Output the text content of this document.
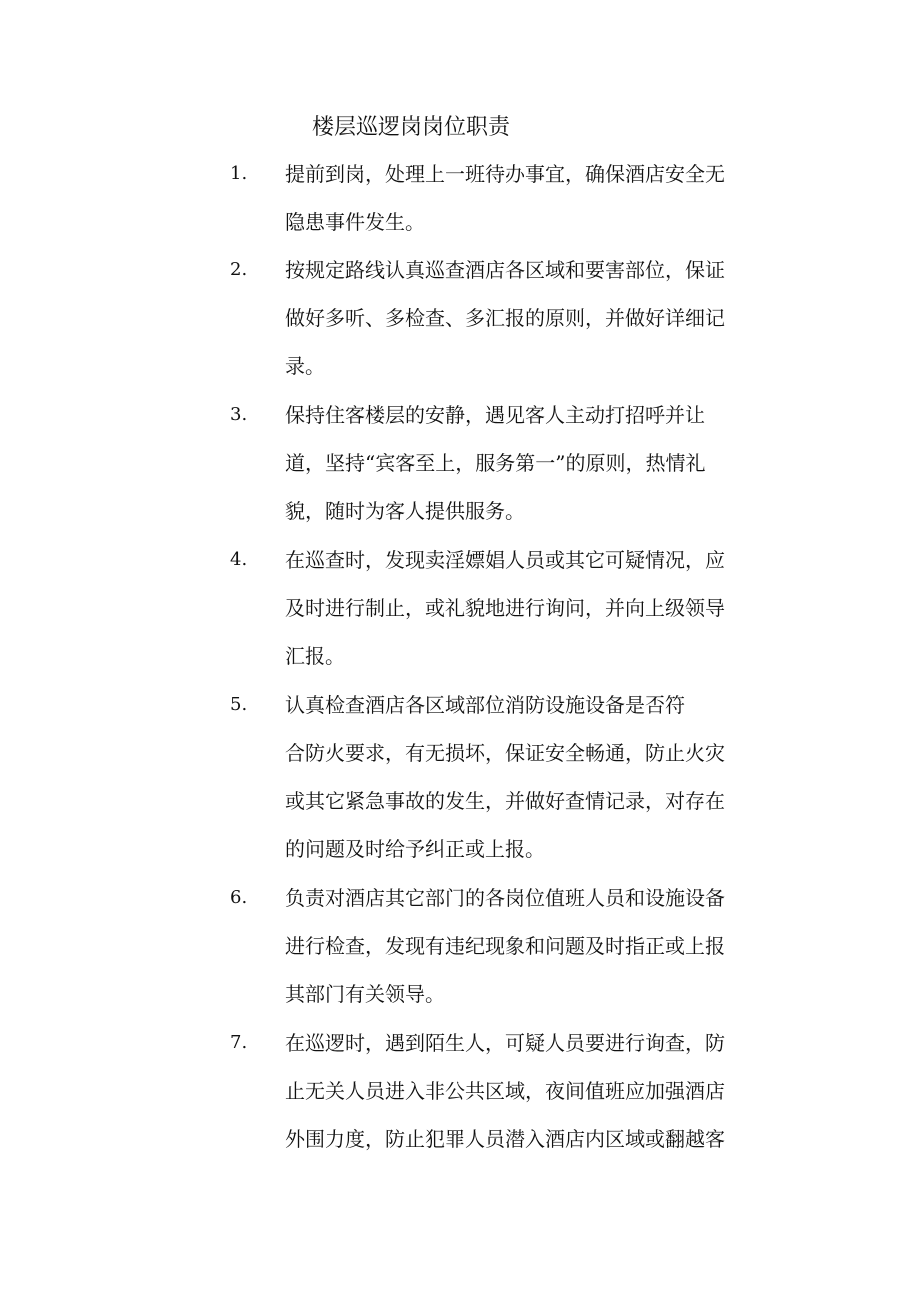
楼层巡逻岗岗位职责
1. 提前到岗，处理上一班待办事宜，确保酒店安全无
隐患事件发生。
2. 按规定路线认真巡查酒店各区域和要害部位，保证
做好多听、多检查、多汇报的原则，并做好详细记
录。
3. 保持住客楼层的安静，遇见客人主动打招呼并让
道，坚持“宾客至上，服务第一”的原则，热情礼
貌，随时为客人提供服务。
4. 在巡查时，发现卖淫嫖娼人员或其它可疑情况，应
及时进行制止，或礼貌地进行询问，并向上级领导
汇报。
5. 认真检查酒店各区域部位消防设施设备是否符
合防火要求，有无损坏，保证安全畅通，防止火灾
或其它紧急事故的发生，并做好查情记录，对存在
的问题及时给予纠正或上报。
6. 负责对酒店其它部门的各岗位值班人员和设施设备
进行检查，发现有违纪现象和问题及时指正或上报
其部门有关领导。
7. 在巡逻时，遇到陌生人，可疑人员要进行询查，防
止无关人员进入非公共区域，夜间值班应加强酒店
外围力度，防止犯罪人员潜入酒店内区域或翻越客
